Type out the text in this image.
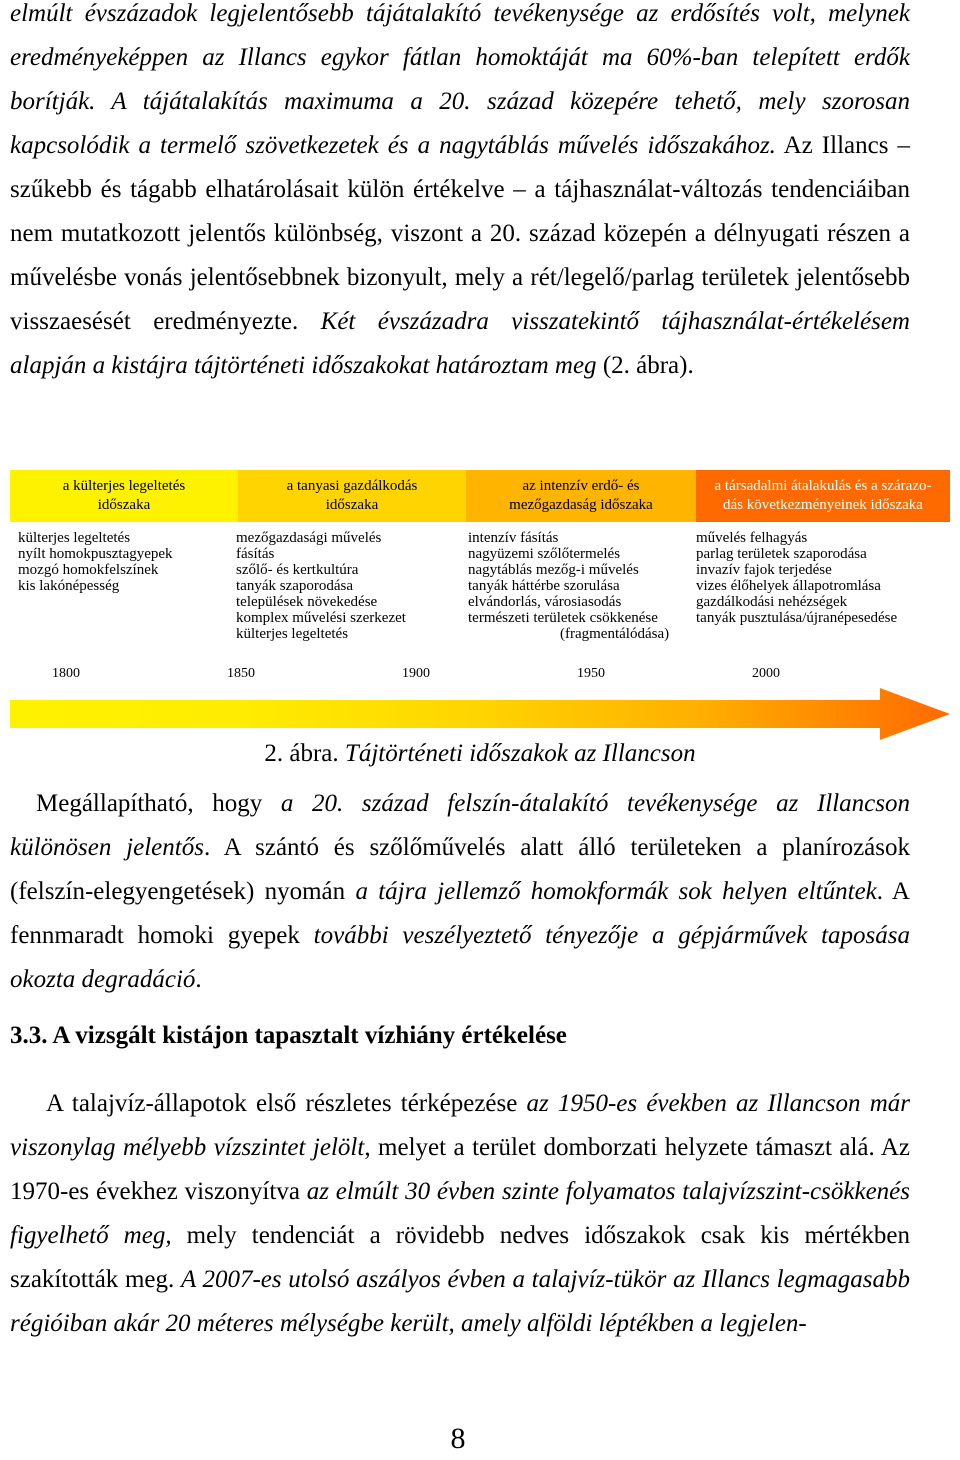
elmúlt évszázadok legjelentősebb tájátalakító tevékenysége az erdősítés volt, melynek eredményeképpen az Illancs egykor fátlan homoktáját ma 60%-ban telepített erdők borítják. A tájátalakítás maximuma a 20. század közepére tehető, mely szorosan kapcsolódik a termelő szövetkezetek és a nagytáblás művelés időszakához. Az Illancs – szűkebb és tágabb elhatárolásait külön értékelve – a tájhasználat-változás tendenciáiban nem mutatkozott jelentős különbség, viszont a 20. század közepén a délnyugati részen a művelésbe vonás jelentősebbnek bizonyult, mely a rét/legelő/parlag területek jelentősebb visszaesését eredményezte. Két évszázadra visszatekintő tájhasználat-értékelésem alapján a kistájra tájtörténeti időszakokat határoztam meg (2. ábra).
a külterjes legeltetés
időszaka
a tanyasi gazdálkodás
időszaka
az intenzív erdő- és
mezőgazdaság időszaka
a társadalmi átalakulás és a szárazo-
dás következményeinek időszaka
külterjes legeltetés
nyílt homokpusztagyepek
mozgó homokfelszínek
kis lakónépesség
mezőgazdasági művelés
fásítás
szőlő- és kertkultúra
tanyák szaporodása
települések növekedése
komplex művelési szerkezet
külterjes legeltetés
intenzív fásítás
nagyüzemi szőlőtermelés
nagytáblás mezőg-i művelés
tanyák háttérbe szorulása
elvándorlás, városiasodás
természeti területek csökkenése
(fragmentálódása)
művelés felhagyás
parlag területek szaporodása
invazív fajok terjedése
vizes élőhelyek állapotromlása
gazdálkodási nehézségek
tanyák pusztulása/újranépesedése
1800	1850	1900	1950	2000
2. ábra. Tájtörténeti időszakok az Illancson
Megállapítható, hogy a 20. század felszín-átalakító tevékenysége az Illancson különösen jelentős. A szántó és szőlőművelés alatt álló területeken a planírozások (felszín-elegyengetések) nyomán a tájra jellemző homokformák sok helyen eltűntek. A fennmaradt homoki gyepek további veszélyeztető tényezője a gépjárművek taposása okozta degradáció.
3.3. A vizsgált kistájon tapasztalt vízhiány értékelése
A talajvíz-állapotok első részletes térképezése az 1950-es években az Illancson már viszonylag mélyebb vízszintet jelölt, melyet a terület domborzati helyzete támaszt alá. Az 1970-es évekhez viszonyítva az elmúlt 30 évben szinte folyamatos talajvízszint-csökkenés figyelhető meg, mely tendenciát a rövidebb nedves időszakok csak kis mértékben szakították meg. A 2007-es utolsó aszályos évben a talajvíz-tükör az Illancs legmagasabb régióiban akár 20 méteres mélységbe került, amely alföldi léptékben a legjelen-
8
